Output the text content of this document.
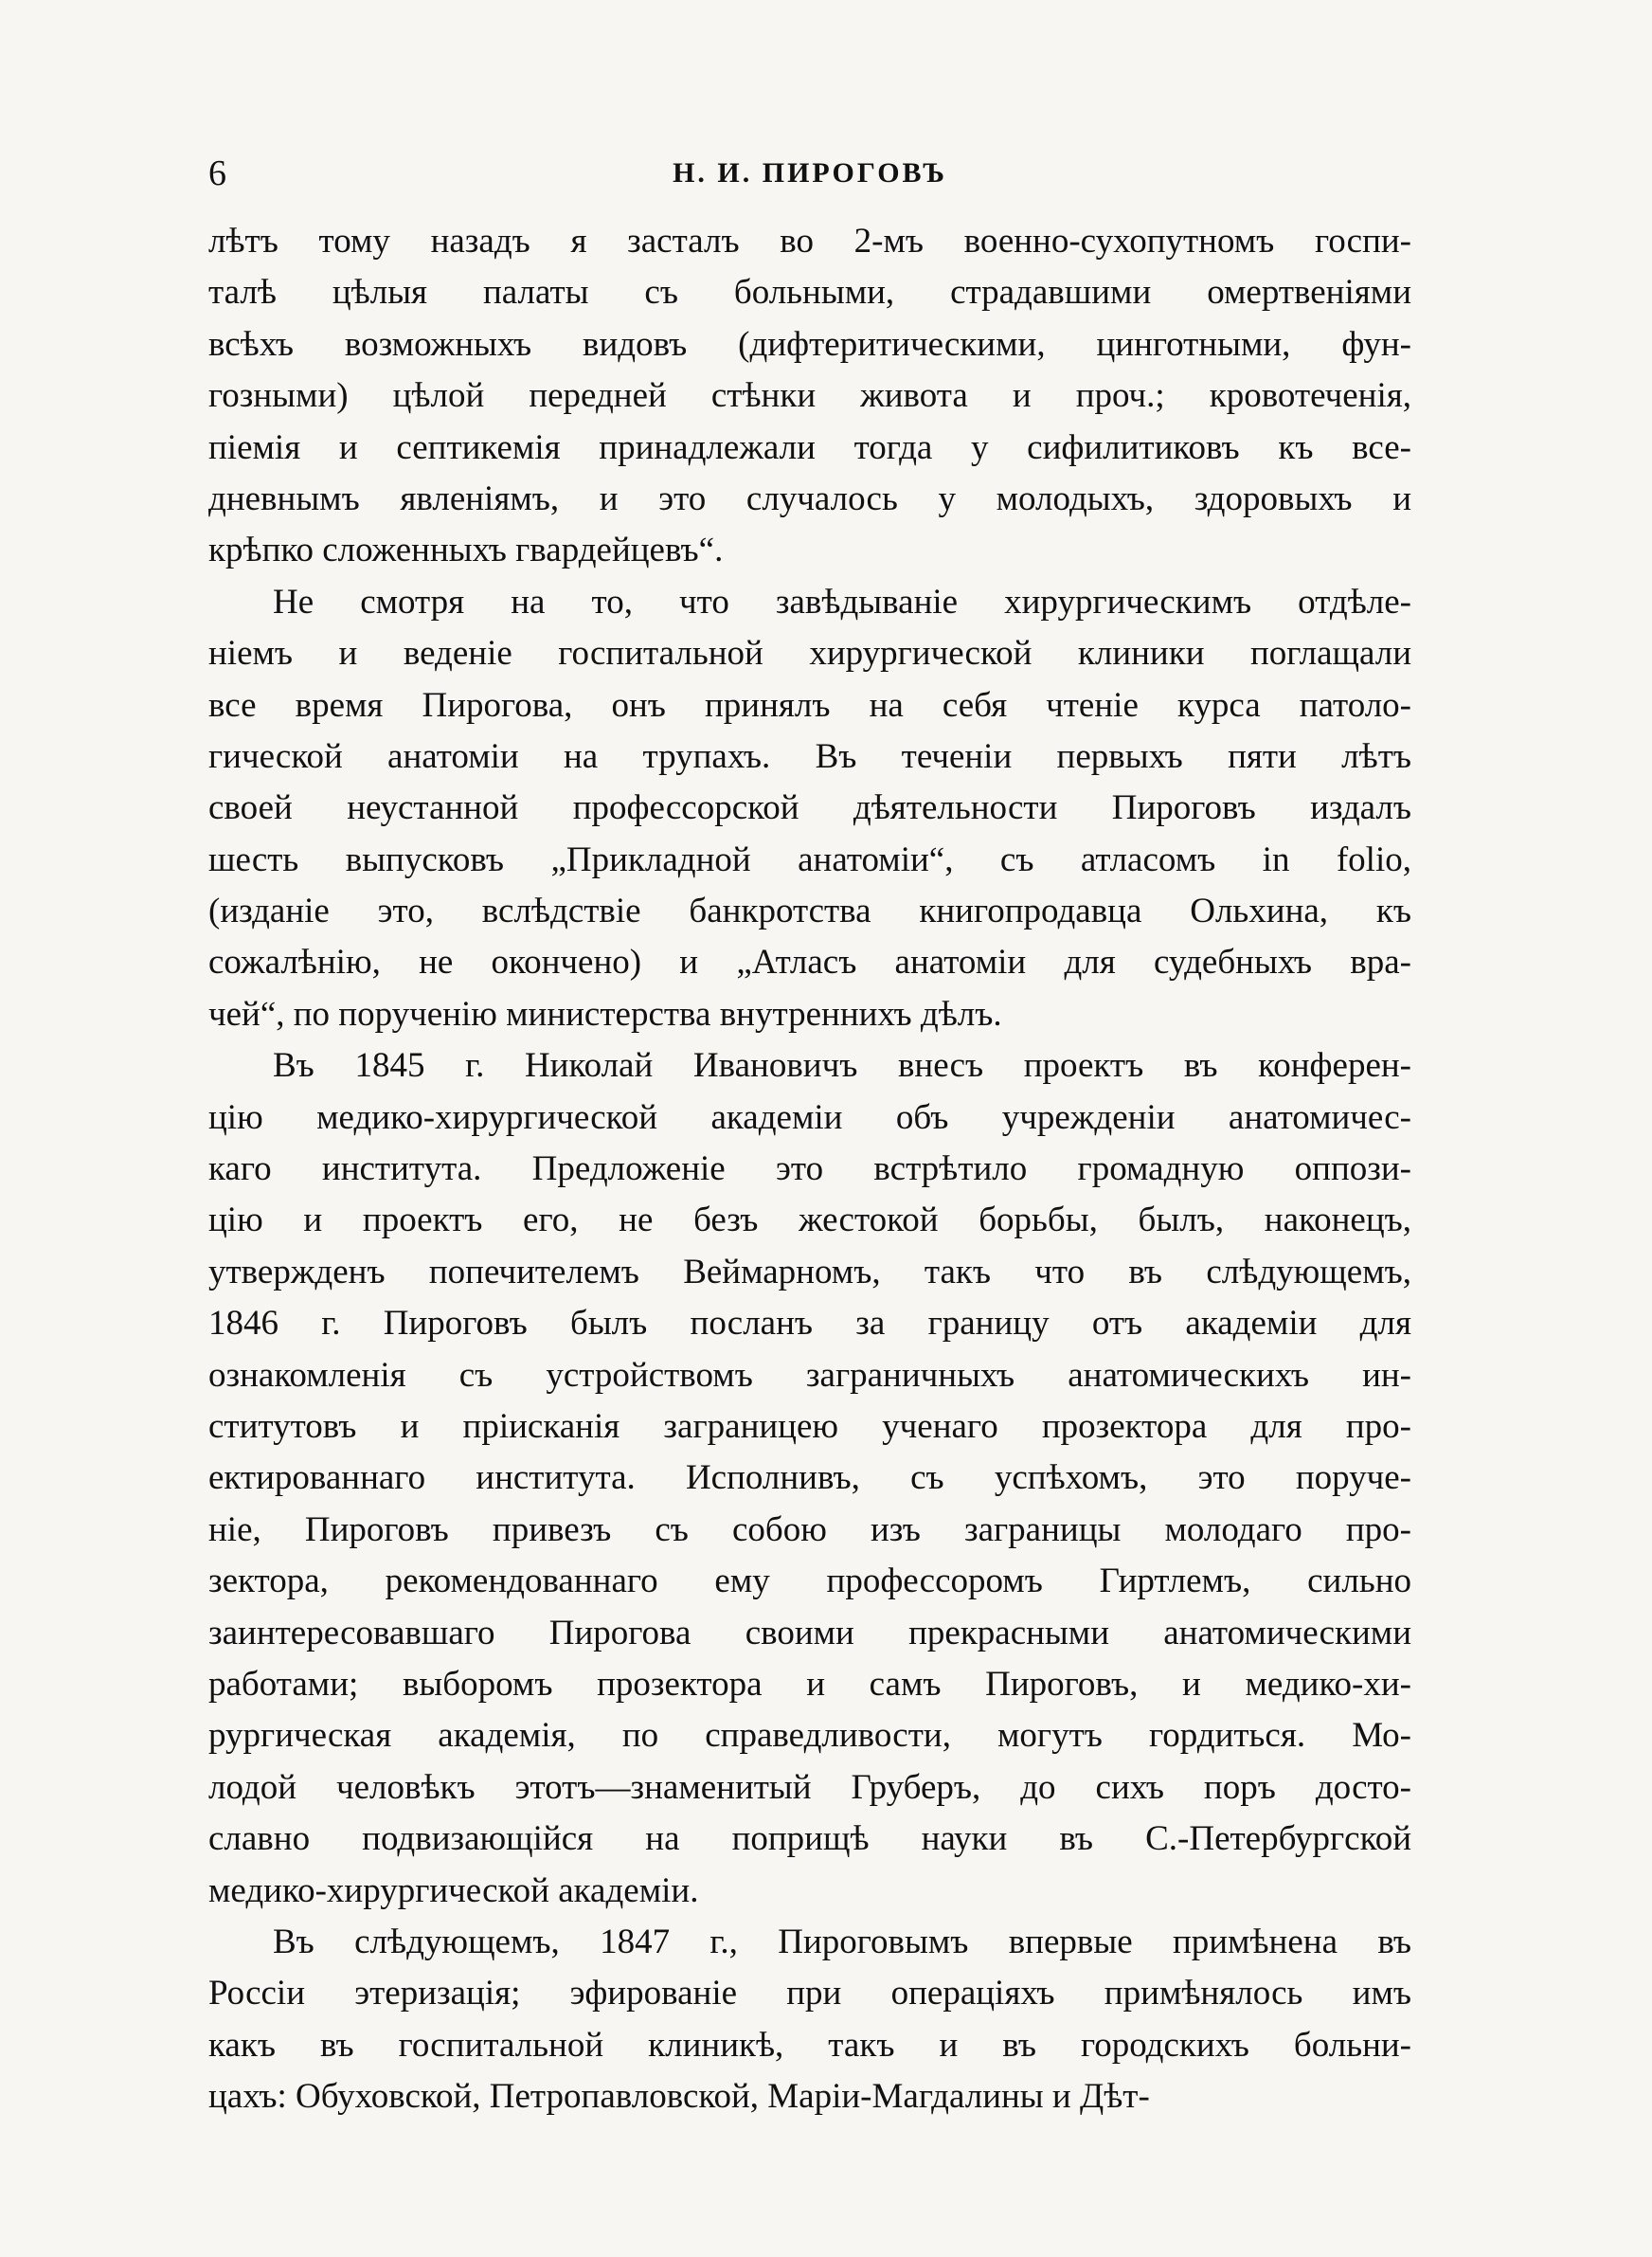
6	Н. И. ПИРОГОВЪ
лѣтъ тому назадъ я засталъ во 2-мъ военно-сухопутномъ госпи-
талѣ цѣлыя палаты съ больными, страдавшими омертвеніями
всѣхъ возможныхъ видовъ (дифтеритическими, цинготными, фун-
гозными) цѣлой передней стѣнки живота и проч.; кровотеченія,
піемія и септикемія принадлежали тогда у сифилитиковъ къ все-
дневнымъ явленіямъ, и это случалось у молодыхъ, здоровыхъ и
крѣпко сложенныхъ гвардейцевъ“.
Не смотря на то, что завѣдываніе хирургическимъ отдѣле-
ніемъ и веденіе госпитальной хирургической клиники поглащали
все время Пирогова, онъ принялъ на себя чтеніе курса патоло-
гической анатоміи на трупахъ. Въ теченіи первыхъ пяти лѣтъ
своей неустанной профессорской дѣятельности Пироговъ издалъ
шесть выпусковъ „Прикладной анатоміи“, съ атласомъ in folio,
(изданіе это, вслѣдствіе банкротства книгопродавца Ольхина, къ
сожалѣнію, не окончено) и „Атласъ анатоміи для судебныхъ вра-
чей“, по порученію министерства внутреннихъ дѣлъ.
Въ 1845 г. Николай Ивановичъ внесъ проектъ въ конферен-
цію медико-хирургической академіи объ учрежденіи анатомичес-
каго института. Предложеніе это встрѣтило громадную оппози-
цію и проектъ его, не безъ жестокой борьбы, былъ, наконецъ,
утвержденъ попечителемъ Веймарномъ, такъ что въ слѣдующемъ,
1846 г. Пироговъ былъ посланъ за границу отъ академіи для
ознакомленія съ устройствомъ заграничныхъ анатомическихъ ин-
ститутовъ и пріисканія заграницею ученаго прозектора для про-
ектированнаго института. Исполнивъ, съ успѣхомъ, это поруче-
ніе, Пироговъ привезъ съ собою изъ заграницы молодаго про-
зектора, рекомендованнаго ему профессоромъ Гиртлемъ, сильно
заинтересовавшаго Пирогова своими прекрасными анатомическими
работами; выборомъ прозектора и самъ Пироговъ, и медико-хи-
рургическая академія, по справедливости, могутъ гордиться. Мо-
лодой человѣкъ этотъ—знаменитый Груберъ, до сихъ поръ досто-
славно подвизающійся на поприщѣ науки въ С.-Петербургской
медико-хирургической академіи.
Въ слѣдующемъ, 1847 г., Пироговымъ впервые примѣнена въ
Россіи этеризація; эфированіе при операціяхъ примѣнялось имъ
какъ въ госпитальной клиникѣ, такъ и въ городскихъ больни-
цахъ: Обуховской, Петропавловской, Маріи-Магдалины и Дѣт-
